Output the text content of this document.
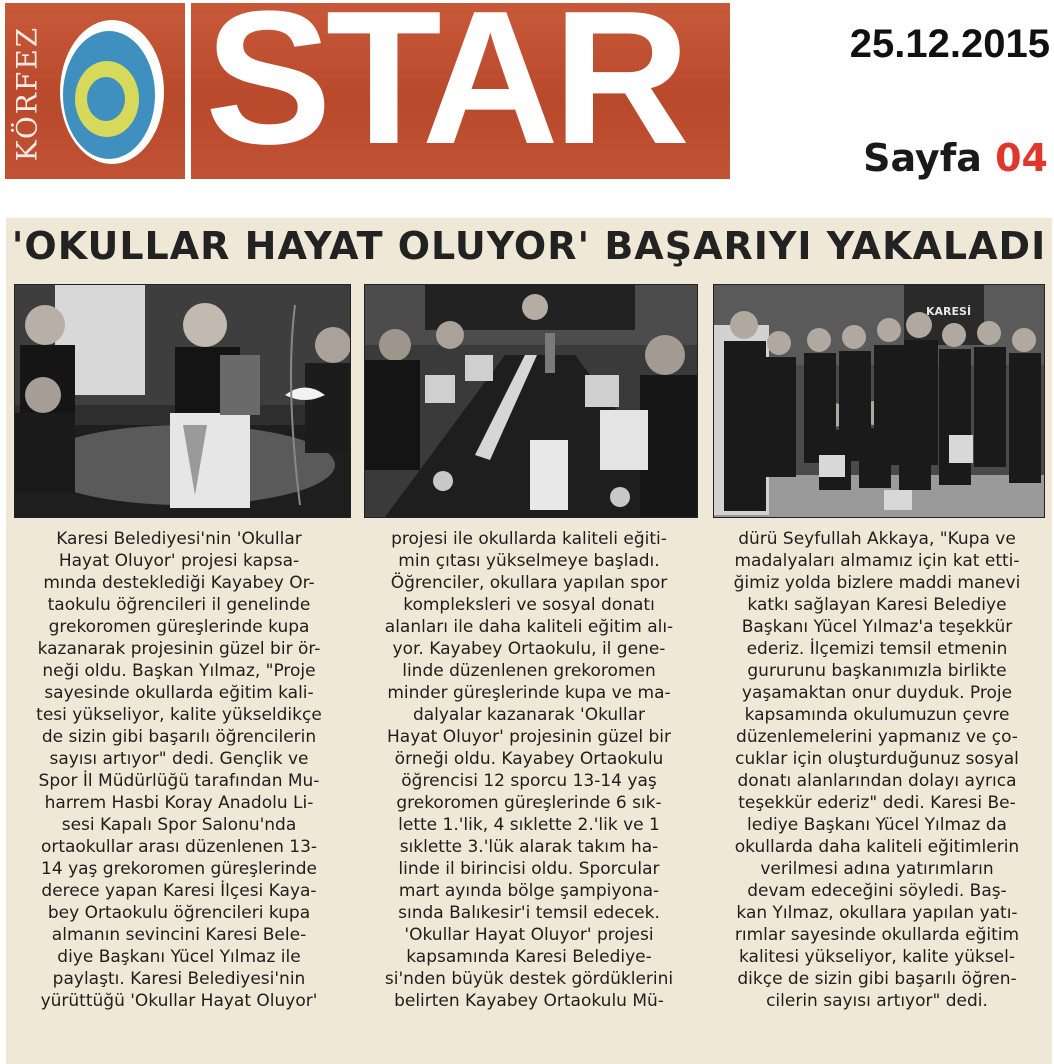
KÖRFEZ STAR	25.12.2015
Sayfa 04
'OKULLAR HAYAT OLUYOR' BAŞARIYI YAKALADI
KARESİ

Karesi Belediyesi'nin 'Okullar

Hayat Oluyor' projesi kapsa-

mında desteklediği Kayabey Or-

taokulu öğrencileri il genelinde

grekoromen güreşlerinde kupa

kazanarak projesinin güzel bir ör-

neği oldu. Başkan Yılmaz, "Proje

sayesinde okullarda eğitim kali-

tesi yükseliyor, kalite yükseldikçe

de sizin gibi başarılı öğrencilerin

sayısı artıyor" dedi. Gençlik ve

Spor İl Müdürlüğü tarafından Mu-

harrem Hasbi Koray Anadolu Li-

sesi Kapalı Spor Salonu'nda

ortaokullar arası düzenlenen 13-

14 yaş grekoromen güreşlerinde

derece yapan Karesi İlçesi Kaya-

bey Ortaokulu öğrencileri kupa

almanın sevincini Karesi Bele-

diye Başkanı Yücel Yılmaz ile

paylaştı. Karesi Belediyesi'nin

yürüttüğü 'Okullar Hayat Oluyor'

projesi ile okullarda kaliteli eğiti-

min çıtası yükselmeye başladı.

Öğrenciler, okullara yapılan spor

kompleksleri ve sosyal donatı

alanları ile daha kaliteli eğitim alı-

yor. Kayabey Ortaokulu, il gene-

linde düzenlenen grekoromen

minder güreşlerinde kupa ve ma-

dalyalar kazanarak 'Okullar

Hayat Oluyor' projesinin güzel bir

örneği oldu. Kayabey Ortaokulu

öğrencisi 12 sporcu 13-14 yaş

grekoromen güreşlerinde 6 sık-

lette 1.'lik, 4 sıklette 2.'lik ve 1

sıklette 3.'lük alarak takım ha-

linde il birincisi oldu. Sporcular

mart ayında bölge şampiyona-

sında Balıkesir'i temsil edecek.

'Okullar Hayat Oluyor' projesi

kapsamında Karesi Belediye-

si'nden büyük destek gördüklerini

belirten Kayabey Ortaokulu Mü-

dürü Seyfullah Akkaya, "Kupa ve

madalyaları almamız için kat etti-

ğimiz yolda bizlere maddi manevi

katkı sağlayan Karesi Belediye

Başkanı Yücel Yılmaz'a teşekkür

ederiz. İlçemizi temsil etmenin

gururunu başkanımızla birlikte

yaşamaktan onur duyduk. Proje

kapsamında okulumuzun çevre

düzenlemelerini yapmanız ve ço-

cuklar için oluşturduğunuz sosyal

donatı alanlarından dolayı ayrıca

teşekkür ederiz" dedi. Karesi Be-

lediye Başkanı Yücel Yılmaz da

okullarda daha kaliteli eğitimlerin

verilmesi adına yatırımların

devam edeceğini söyledi. Baş-

kan Yılmaz, okullara yapılan yatı-

rımlar sayesinde okullarda eğitim

kalitesi yükseliyor, kalite yüksel-

dikçe de sizin gibi başarılı öğren-

cilerin sayısı artıyor" dedi.
